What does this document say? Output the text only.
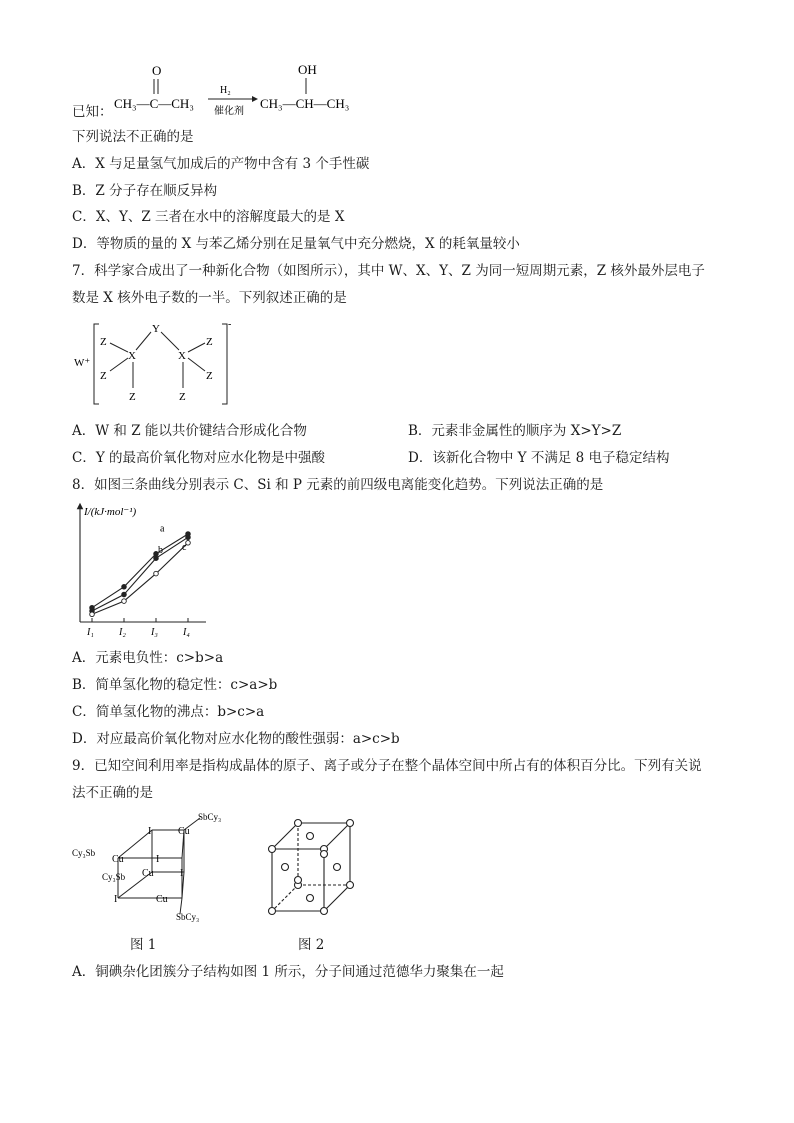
已知：
O
CH₃—C—CH₃
H₂
催化剂
OH
CH₃—CH—CH₃
下列说法不正确的是
A．X 与足量氢气加成后的产物中含有 3 个手性碳
B．Z 分子存在顺反异构
C．X、Y、Z 三者在水中的溶解度最大的是 X
D．等物质的量的 X 与苯乙烯分别在足量氧气中充分燃烧，X 的耗氧量较小
7．科学家合成出了一种新化合物（如图所示），其中 W、X、Y、Z 为同一短周期元素，Z 核外最外层电子
数是 X 核外电子数的一半。下列叙述正确的是
W⁺
-
Y
X	X
Z
Z
Z
Z
Z
Z
A．W 和 Z 能以共价键结合形成化合物	B．元素非金属性的顺序为 X>Y>Z
C．Y 的最高价氧化物对应水化物是中强酸	D．该新化合物中 Y 不满足 8 电子稳定结构
8．如图三条曲线分别表示 C、Si 和 P 元素的前四级电离能变化趋势。下列说法正确的是
I/(kJ·mol⁻¹)
I₁	I₂	I₃	I₄
a
b c
A．元素电负性：c>b>a
B．简单氢化物的稳定性：c>a>b
C．简单氢化物的沸点：b>c>a
D．对应最高价氧化物对应水化物的酸性强弱：a>c>b
9．已知空间利用率是指构成晶体的原子、离子或分子在整个晶体空间中所占有的体积百分比。下列有关说
法不正确的是
Cu
Cu
Cu
Cu
I
I
I
I
SbCy₃
Cy₃Sb
Cy₃Sb
SbCy₃
图 1	图 2
A．铜碘杂化团簇分子结构如图 1 所示，分子间通过范德华力聚集在一起
